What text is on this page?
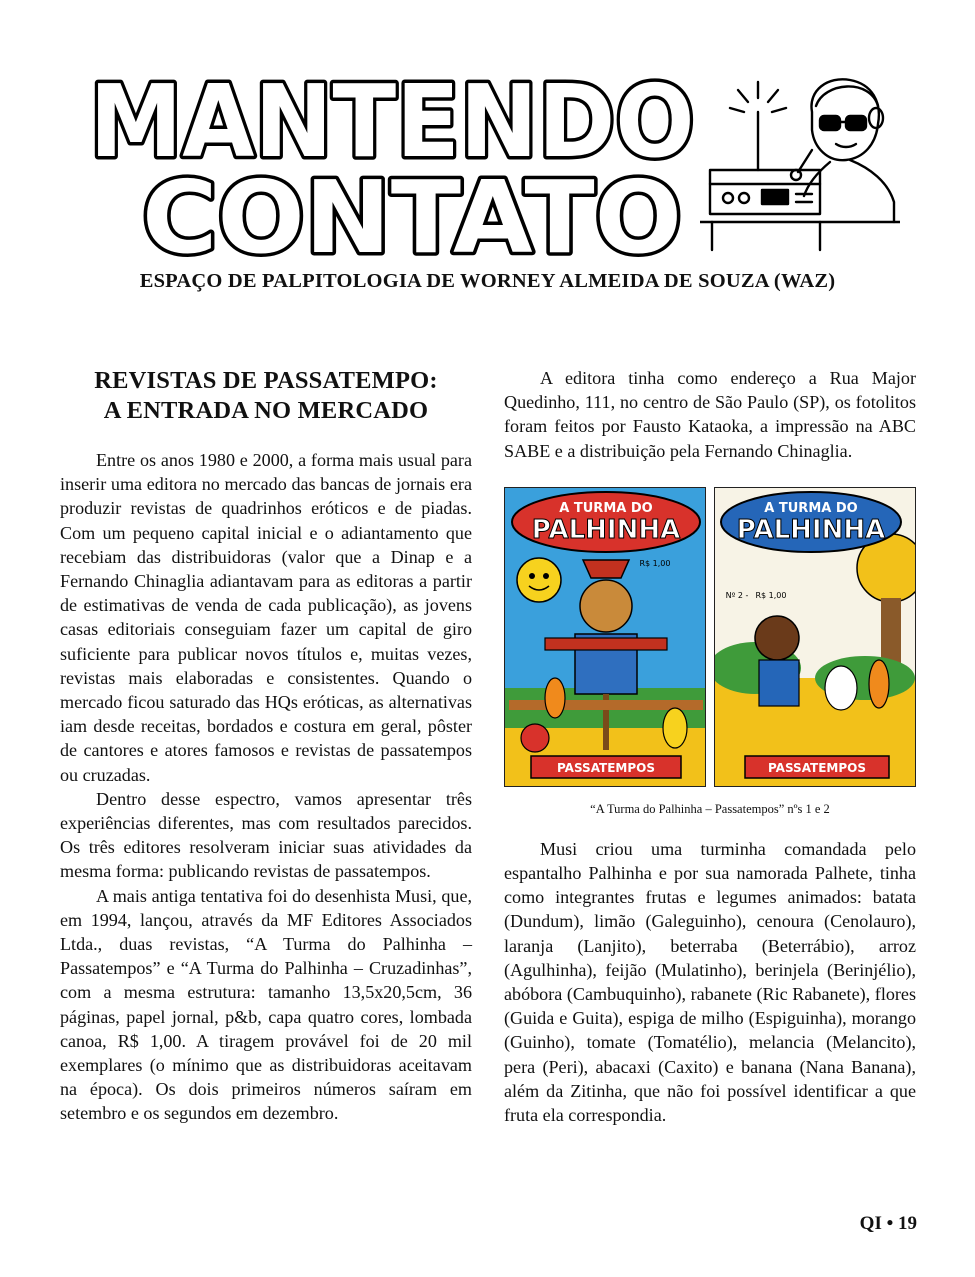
MANTENDO
CONTATO
ESPAÇO DE PALPITOLOGIA DE WORNEY ALMEIDA DE SOUZA (WAZ)
REVISTAS DE PASSATEMPO:
A ENTRADA NO MERCADO

Entre os anos 1980 e 2000, a forma mais usual para inserir uma editora no mercado das bancas de jornais era produzir revistas de quadrinhos eróticos e de piadas. Com um pequeno capital inicial e o adiantamento que recebiam das distribuidoras (valor que a Dinap e a Fernando Chinaglia adiantavam para as editoras a partir de estimativas de venda de cada publicação), as jovens casas editoriais conseguiam fazer um capital de giro suficiente para publicar novos títulos e, muitas vezes, revistas mais elaboradas e consistentes. Quando o mercado ficou saturado das HQs eróticas, as alternativas iam desde receitas, bordados e costura em geral, pôster de cantores e atores famosos e revistas de passatempos ou cruzadas.

Dentro desse espectro, vamos apresentar três experiências diferentes, mas com resultados parecidos. Os três editores resolveram iniciar suas atividades da mesma forma: publicando revistas de passatempos.

A mais antiga tentativa foi do desenhista Musi, que, em 1994, lançou, através da MF Editores Associados Ltda., duas revistas, “A Turma do Palhinha – Passatempos” e “A Turma do Palhinha – Cruzadinhas”, com a mesma estrutura: tamanho 13,5x20,5cm, 36 páginas, papel jornal, p&b, capa quatro cores, lombada canoa, R$ 1,00. A tiragem provável foi de 20 mil exemplares (o mínimo que as distribuidoras aceitavam na época). Os dois primeiros números saíram em setembro e os segundos em dezembro.

A editora tinha como endereço a Rua Major Quedinho, 111, no centro de São Paulo (SP), os fotolitos foram feitos por Fausto Kataoka, a impressão na ABC SABE e a distribuição pela Fernando Chinaglia.

A TURMA DO
PALHINHA
R$ 1,00
PASSATEMPOS
A TURMA DO
PALHINHA
Nº 2 - R$ 1,00
PASSATEMPOS

“A Turma do Palhinha – Passatempos” nºs 1 e 2

Musi criou uma turminha comandada pelo espantalho Palhinha e por sua namorada Palhete, tinha como integrantes frutas e legumes animados: batata (Dundum), limão (Galeguinho), cenoura (Cenolauro), laranja (Lanjito), beterraba (Beterrábio), arroz (Agulhinha), feijão (Mulatinho), berinjela (Berinjélio), abóbora (Cambuquinho), rabanete (Ric Rabanete), flores (Guida e Guita), espiga de milho (Espiguinha), morango (Guinho), tomate (Tomatélio), melancia (Melancito), pera (Peri), abacaxi (Caxito) e banana (Nana Banana), além da Zitinha, que não foi possível identificar a que fruta ela correspondia.

QI • 19
